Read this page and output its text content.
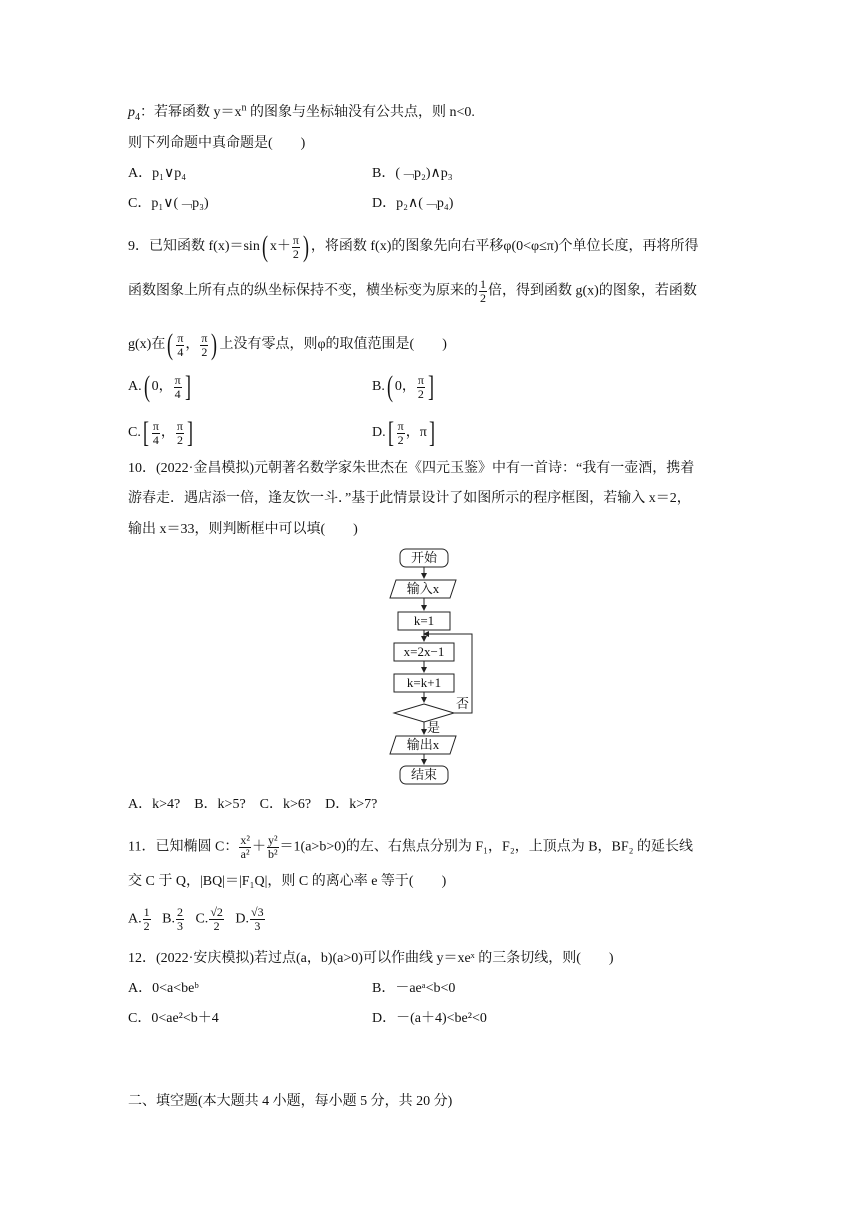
$p_4$：若幂函数 $y=x^n$ 的图象与坐标轴没有公共点，则 n<0.
则下列命题中真命题是(　　)
A．p₁∨p₄	B．(﹁p₂)∧p₃
C．p₁∨(﹁p₃)	D．p₂∧(﹁p₄)
9．已知函数 f(x)＝sin( $x+ \frac{\pi}{2}$ ) ，将函数 f(x)的图象先向右平移φ(0<φ≤π)个单位长度，再将所得
函数图象上所有点的纵坐标保持不变，横坐标变为原来的 $\frac{1}{2}$ 倍，得到函数 g(x)的图象，若函数
g(x)在( $\frac{\pi}{4}$ ， $\frac{\pi}{2}$ ) 上没有零点，则φ的取值范围是(　　)
A.( 0， $\frac{\pi}{4}$ ]	B.( 0， $\frac{\pi}{2}$ ]
$C.[ \frac{\pi}{4}$ ， $\frac{\pi}{2}$ ]	$D.[ \frac{\pi}{2}$ ，π]
10．(2022·金昌模拟)元朝著名数学家朱世杰在《四元玉鉴》中有一首诗：“我有一壶酒，携着
游春走．遇店添一倍，逢友饮一斗．”基于此情景设计了如图所示的程序框图，若输入 x＝2，
输出 x＝33，则判断框中可以填(　　)
开始
输入x
k=1
x=2x−1
k=k+1
否
是
输出x
结束
A．k>4?　B．k>5?　C．k>6?　D．k>7?
11．已知椭圆 C： $\frac{\text{x²}}{\text{a²}} + \frac{\text{y²}}{\text{b²}} =1(a>b>0)$的左、右焦点分别为 F₁，F₂，上顶点为 B，BF₂ 的延长线
交 C 于 Q，|BQ|＝|F₁Q|，则 C 的离心率 e 等于(　　)
A. $\frac{1}{2} B$. $\frac{2}{3} C$. $\frac{√2}{2} D$. $\frac{√3}{3}$
12．(2022·安庆模拟)若过点(a，b)(a>0)可以作曲线 y＝xeˣ 的三条切线，则(　　)
A．0<a<beᵇ	B．－aeᵃ<b<0
C．0<ae²<b＋4	D．－(a＋4)<be²<0
二、填空题(本大题共 4 小题，每小题 5 分，共 20 分)
